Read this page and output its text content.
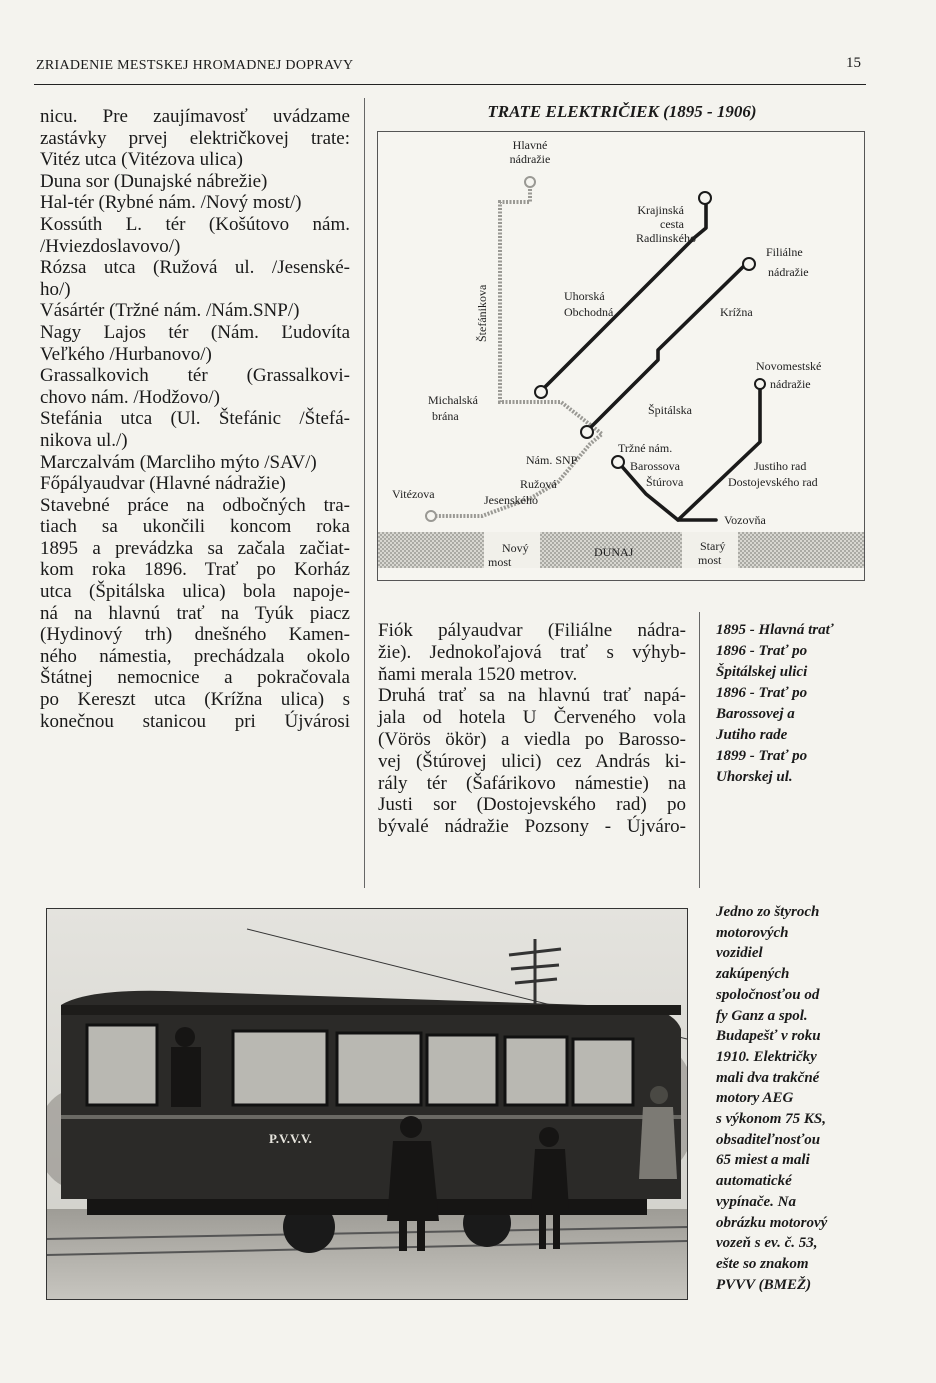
ZRIADENIE MESTSKEJ HROMADNEJ DOPRAVY	15

nicu. Pre zaujímavosť uvádzame

zastávky prvej električkovej trate:

Vitéz utca (Vitézova ulica)

Duna sor (Dunajské nábrežie)

Hal-tér (Rybné nám. /Nový most/)

Kossúth L. tér (Košútovo nám.

/Hviezdoslavovo/)

Rózsa utca (Ružová ul. /Jesenské-

ho/)

Vásártér (Tržné nám. /Nám.SNP/)

Nagy Lajos tér (Nám. Ľudovíta

Veľkého /Hurbanovo/)

Grassalkovich tér (Grassalkovi-

chovo nám. /Hodžovo/)

Stefánia utca (Ul. Štefánic /Štefá-

nikova ul./)

Marczalvám (Marcliho mýto /SAV/)

Főpályaudvar (Hlavné nádražie)

Stavebné práce na odbočných tra-

tiach sa ukončili koncom roka

1895 a prevádzka sa začala začiat-

kom roka 1896. Trať po Korház

utca (Špitálska ulica) bola napoje-

ná na hlavnú trať na Tyúk piacz

(Hydinový trh) dnešného Kamen-

ného námestia, prechádzala okolo

Štátnej nemocnice a pokračovala

po Kereszt utca (Krížna ulica) s

konečnou stanicou pri Újvárosi

TRATE ELEKTRIČIEK (1895 - 1906)
Hlavné
nádražie
Krajinská
cesta
Radlinského
Filiálne
nádražie
Štefánikova	Uhorská
Obchodná	Krížna
Novomestské
nádražie
Michalská
brána	Špitálska
Tržné nám.
Nám. SNP	Barossova
Štúrova
Justiho rad
Dostojevského rad
Ružová
Jesenského
Vitézova
Vozovňa
Nový
most
DUNAJ	Starý
most

Fiók pályaudvar (Filiálne nádra-

žie). Jednokoľajová trať s výhyb-

ňami merala 1520 metrov.

Druhá trať sa na hlavnú trať napá-

jala od hotela U Červeného vola

(Vörös ökör) a viedla po Barosso-

vej (Štúrovej ulici) cez András ki-

rály tér (Šafárikovo námestie) na

Justi sor (Dostojevského rad) po

bývalé nádražie Pozsony - Újváro-

1895 - Hlavná trať
1896 - Trať po
Špitálskej ulici
1896 - Trať po
Barossovej a
Jutiho rade
1899 - Trať po
Uhorskej ul.
P.V.V.V.
Jedno zo štyroch
motorových
vozidiel
zakúpených
spoločnosťou od
fy Ganz a spol.
Budapešť v roku
1910. Električky
mali dva trakčné
motory AEG
s výkonom 75 KS,
obsaditeľnosťou
65 miest a mali
automatické
vypínače. Na
obrázku motorový
vozeň s ev. č. 53,
ešte so znakom
PVVV (BMEŽ)
